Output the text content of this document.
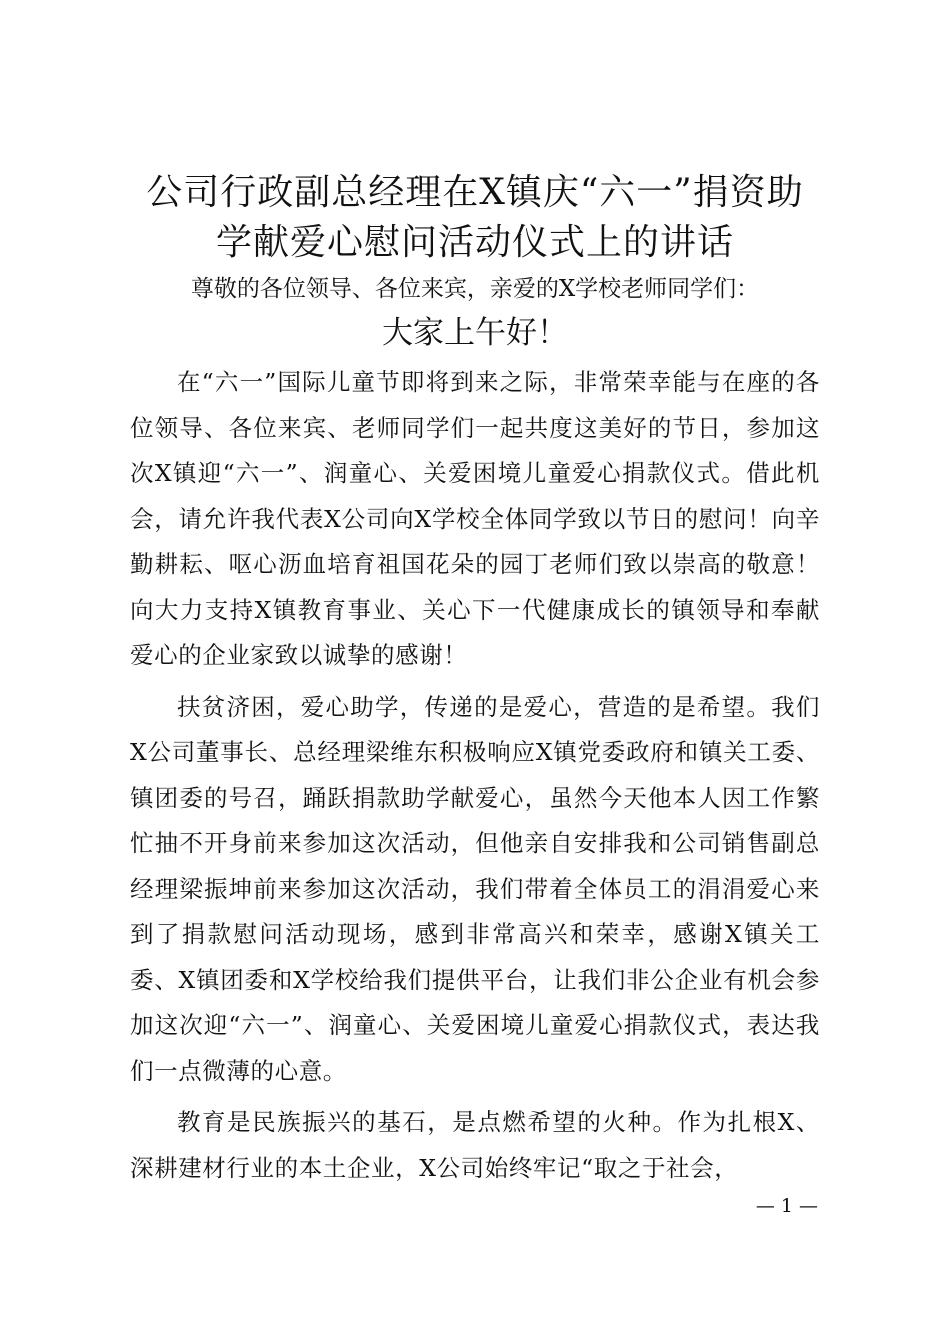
公司行政副总经理在X镇庆“六一”捐资助
学献爱心慰问活动仪式上的讲话

尊敬的各位领导、各位来宾，亲爱的X学校老师同学们：

大家上午好！

在“六一”国际儿童节即将到来之际，非常荣幸能与在座的各位领导、各位来宾、老师同学们一起共度这美好的节日，参加这次X镇迎“六一”、润童心、关爱困境儿童爱心捐款仪式。借此机会，请允许我代表X公司向X学校全体同学致以节日的慰问！向辛勤耕耘、呕心沥血培育祖国花朵的园丁老师们致以崇高的敬意！向大力支持X镇教育事业、关心下一代健康成长的镇领导和奉献爱心的企业家致以诚挚的感谢！

扶贫济困，爱心助学，传递的是爱心，营造的是希望。我们X公司董事长、总经理梁维东积极响应X镇党委政府和镇关工委、镇团委的号召，踊跃捐款助学献爱心，虽然今天他本人因工作繁忙抽不开身前来参加这次活动，但他亲自安排我和公司销售副总经理梁振坤前来参加这次活动，我们带着全体员工的涓涓爱心来到了捐款慰问活动现场，感到非常高兴和荣幸，感谢X镇关工委、X镇团委和X学校给我们提供平台，让我们非公企业有机会参加这次迎“六一”、润童心、关爱困境儿童爱心捐款仪式，表达我们一点微薄的心意。

教育是民族振兴的基石，是点燃希望的火种。作为扎根X、深耕建材行业的本土企业，X公司始终牢记“取之于社会，

— 1 —
